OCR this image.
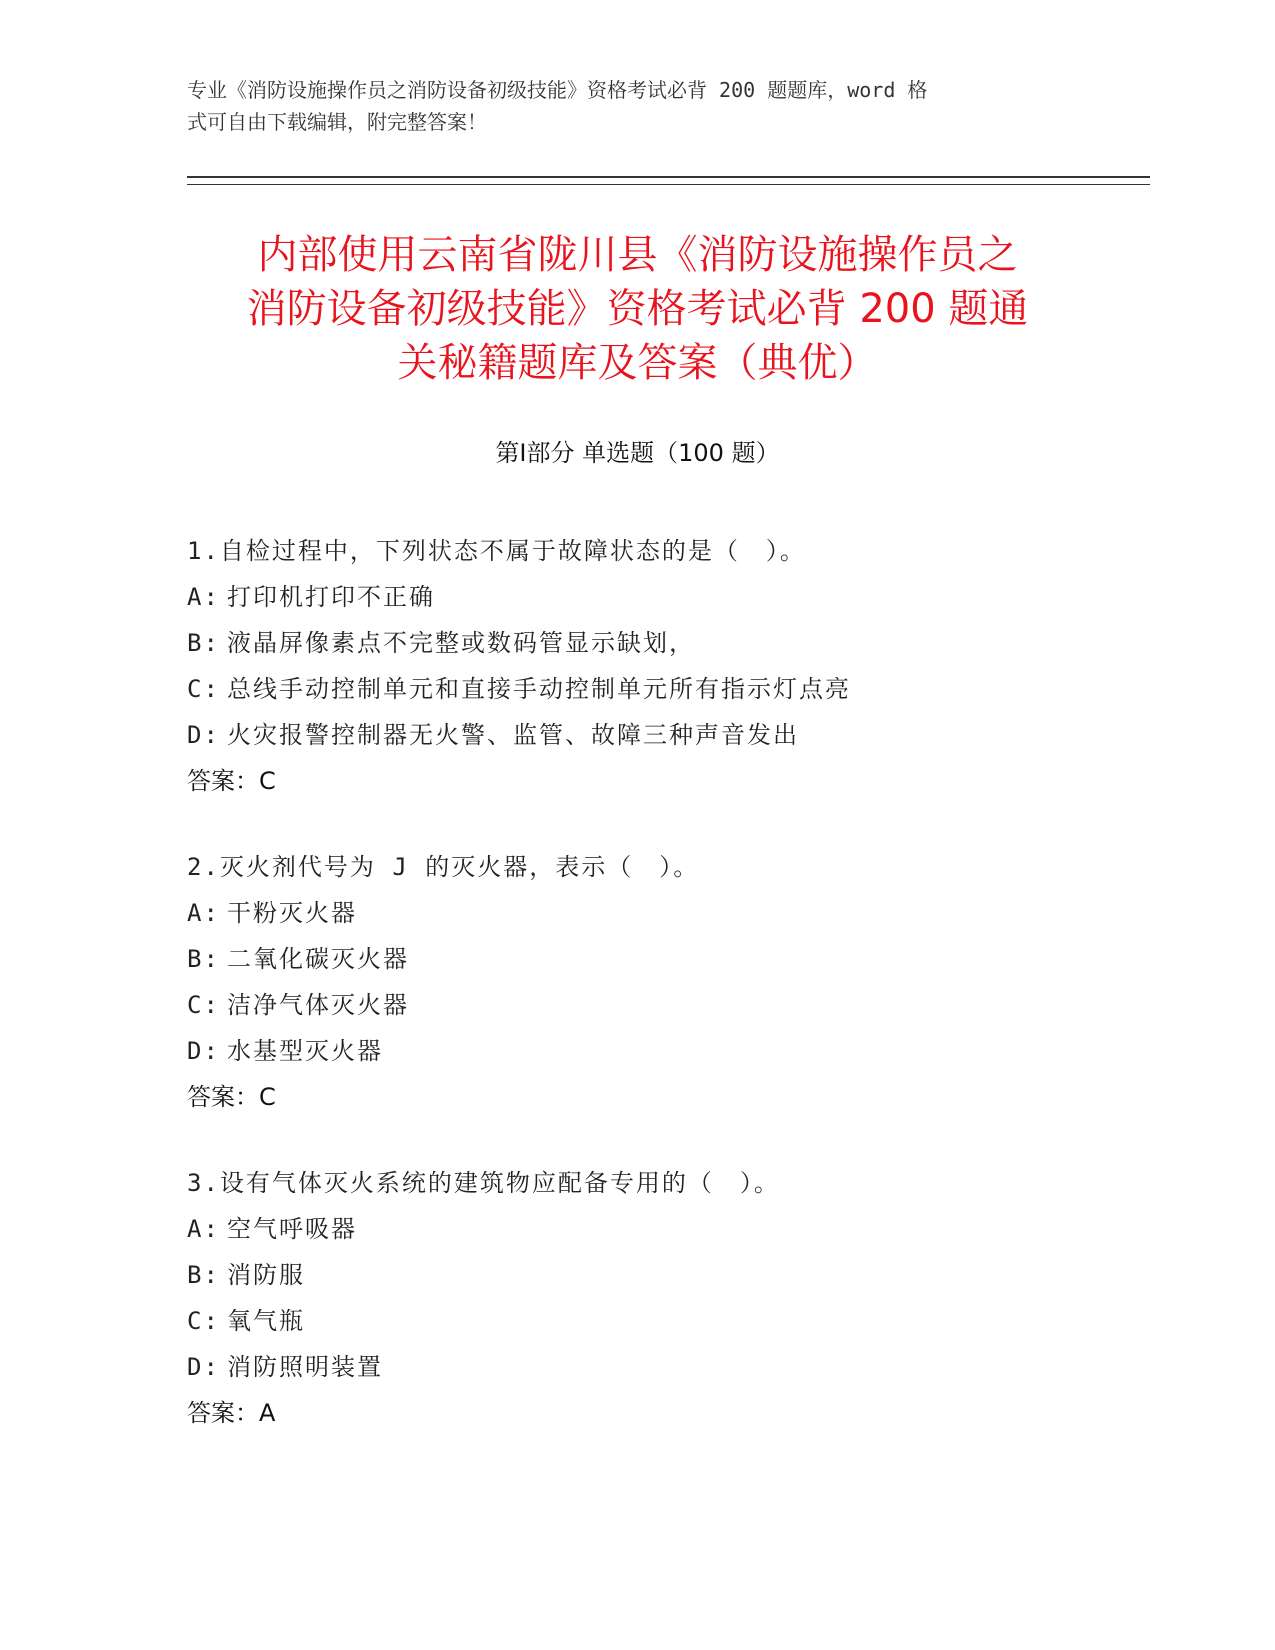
专业《消防设施操作员之消防设备初级技能》资格考试必背 200 题题库，word 格
式可自由下载编辑，附完整答案！
内部使用云南省陇川县《消防设施操作员之
消防设备初级技能》资格考试必背 200 题通
关秘籍题库及答案（典优）
第Ⅰ部分 单选题（100 题）
1.自检过程中，下列状态不属于故障状态的是（　）。
A: 打印机打印不正确
B: 液晶屏像素点不完整或数码管显示缺划，
C: 总线手动控制单元和直接手动控制单元所有指示灯点亮
D: 火灾报警控制器无火警、监管、故障三种声音发出
答案：C
2.灭火剂代号为 J 的灭火器，表示（　）。
A: 干粉灭火器
B: 二氧化碳灭火器
C: 洁净气体灭火器
D: 水基型灭火器
答案：C
3.设有气体灭火系统的建筑物应配备专用的（　）。
A: 空气呼吸器
B: 消防服
C: 氧气瓶
D: 消防照明装置
答案：A
